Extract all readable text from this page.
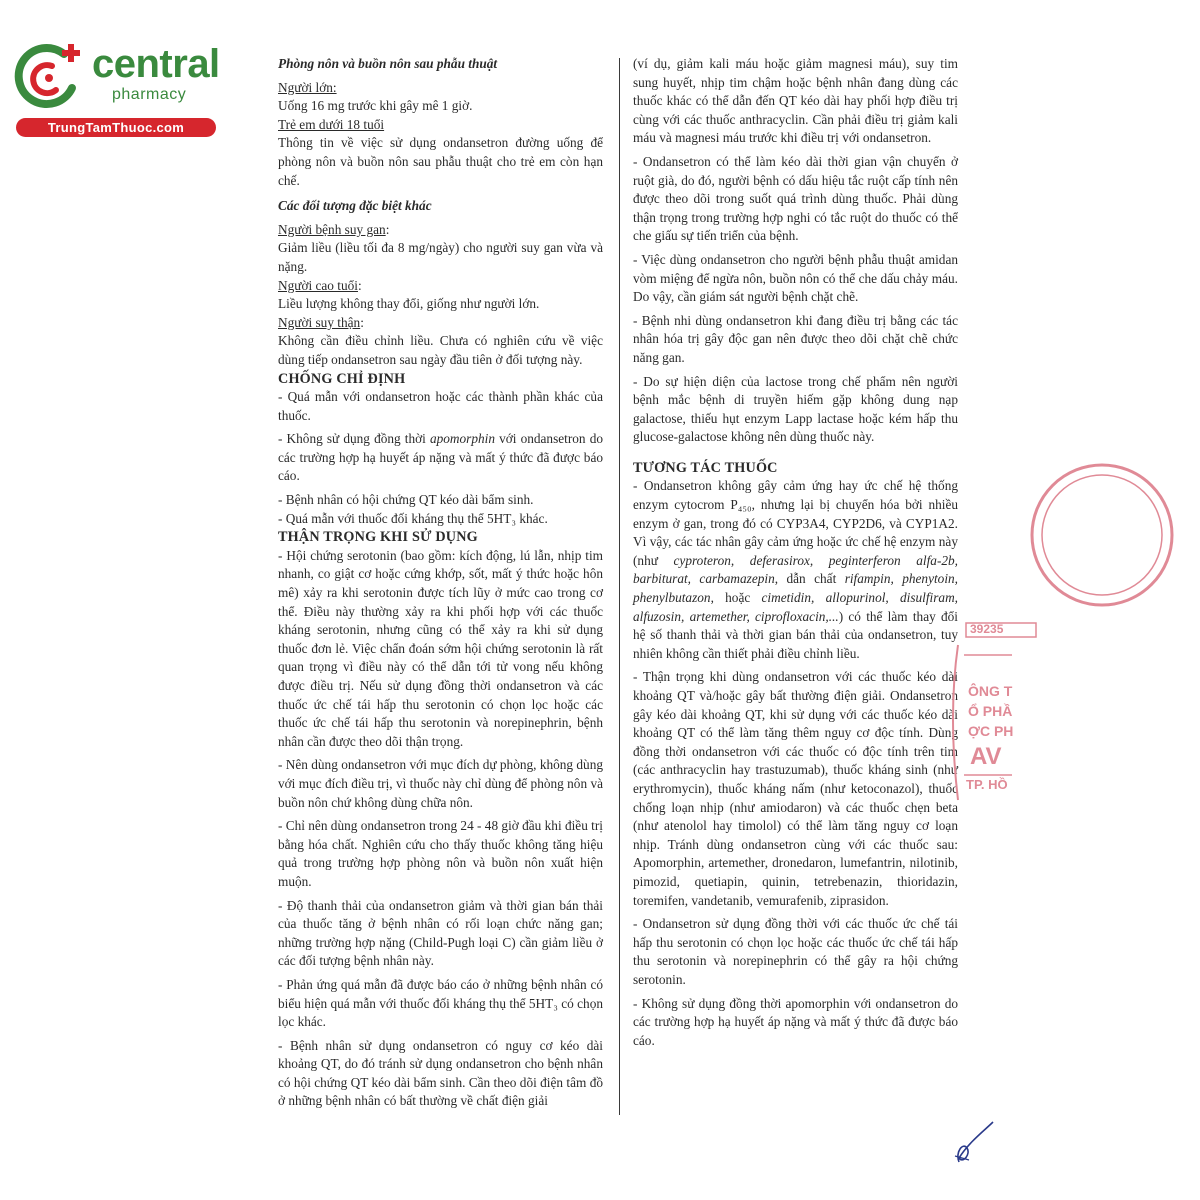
central
pharmacy
TrungTamThuoc.com

Phòng nôn và buồn nôn sau phẫu thuật

Người lớn:

Uống 16 mg trước khi gây mê 1 giờ.

Trẻ em dưới 18 tuổi

Thông tin về việc sử dụng ondansetron đường uống để phòng nôn và buồn nôn sau phẫu thuật cho trẻ em còn hạn chế.

Các đối tượng đặc biệt khác

Người bệnh suy gan:

Giảm liều (liều tối đa 8 mg/ngày) cho người suy gan vừa và nặng.

Người cao tuổi:

Liều lượng không thay đổi, giống như người lớn.

Người suy thận:

Không cần điều chỉnh liều. Chưa có nghiên cứu về việc dùng tiếp ondansetron sau ngày đầu tiên ở đối tượng này.

CHỐNG CHỈ ĐỊNH

- Quá mẫn với ondansetron hoặc các thành phần khác của thuốc.

- Không sử dụng đồng thời apomorphin với ondansetron do các trường hợp hạ huyết áp nặng và mất ý thức đã được báo cáo.

- Bệnh nhân có hội chứng QT kéo dài bẩm sinh.

- Quá mẫn với thuốc đối kháng thụ thể 5HT₃ khác.

THẬN TRỌNG KHI SỬ DỤNG

- Hội chứng serotonin (bao gồm: kích động, lú lẫn, nhịp tim nhanh, co giật cơ hoặc cứng khớp, sốt, mất ý thức hoặc hôn mê) xảy ra khi serotonin được tích lũy ở mức cao trong cơ thể. Điều này thường xảy ra khi phối hợp với các thuốc kháng serotonin, nhưng cũng có thể xảy ra khi sử dụng thuốc đơn lẻ. Việc chẩn đoán sớm hội chứng serotonin là rất quan trọng vì điều này có thể dẫn tới tử vong nếu không được điều trị. Nếu sử dụng đồng thời ondansetron và các thuốc ức chế tái hấp thu serotonin có chọn lọc hoặc các thuốc ức chế tái hấp thu serotonin và norepinephrin, bệnh nhân cần được theo dõi thận trọng.

- Nên dùng ondansetron với mục đích dự phòng, không dùng với mục đích điều trị, vì thuốc này chỉ dùng để phòng nôn và buồn nôn chứ không dùng chữa nôn.

- Chỉ nên dùng ondansetron trong 24 - 48 giờ đầu khi điều trị bằng hóa chất. Nghiên cứu cho thấy thuốc không tăng hiệu quả trong trường hợp phòng nôn và buồn nôn xuất hiện muộn.

- Độ thanh thải của ondansetron giảm và thời gian bán thải của thuốc tăng ở bệnh nhân có rối loạn chức năng gan; những trường hợp nặng (Child-Pugh loại C) cần giảm liều ở các đối tượng bệnh nhân này.

- Phản ứng quá mẫn đã được báo cáo ở những bệnh nhân có biểu hiện quá mẫn với thuốc đối kháng thụ thể 5HT₃ có chọn lọc khác.

- Bệnh nhân sử dụng ondansetron có nguy cơ kéo dài khoảng QT, do đó tránh sử dụng ondansetron cho bệnh nhân có hội chứng QT kéo dài bẩm sinh. Cần theo dõi điện tâm đồ ở những bệnh nhân có bất thường về chất điện giải

(ví dụ, giảm kali máu hoặc giảm magnesi máu), suy tim sung huyết, nhịp tim chậm hoặc bệnh nhân đang dùng các thuốc khác có thể dẫn đến QT kéo dài hay phối hợp điều trị cùng với các thuốc anthracyclin. Cần phải điều trị giảm kali máu và magnesi máu trước khi điều trị với ondansetron.

- Ondansetron có thể làm kéo dài thời gian vận chuyển ở ruột già, do đó, người bệnh có dấu hiệu tắc ruột cấp tính nên được theo dõi trong suốt quá trình dùng thuốc. Phải dùng thận trọng trong trường hợp nghi có tắc ruột do thuốc có thể che giấu sự tiến triển của bệnh.

- Việc dùng ondansetron cho người bệnh phẫu thuật amidan vòm miệng để ngừa nôn, buồn nôn có thể che dấu chảy máu. Do vậy, cần giám sát người bệnh chặt chẽ.

- Bệnh nhi dùng ondansetron khi đang điều trị bằng các tác nhân hóa trị gây độc gan nên được theo dõi chặt chẽ chức năng gan.

- Do sự hiện diện của lactose trong chế phẩm nên người bệnh mắc bệnh di truyền hiếm gặp không dung nạp galactose, thiếu hụt enzym Lapp lactase hoặc kém hấp thu glucose-galactose không nên dùng thuốc này.

TƯƠNG TÁC THUỐC

- Ondansetron không gây cảm ứng hay ức chế hệ thống enzym cytocrom P₄₅₀, nhưng lại bị chuyển hóa bởi nhiều enzym ở gan, trong đó có CYP3A4, CYP2D6, và CYP1A2. Vì vậy, các tác nhân gây cảm ứng hoặc ức chế hệ enzym này (như cyproteron, deferasirox, peginterferon alfa-2b, barbiturat, carbamazepin, dẫn chất rifampin, phenytoin, phenylbutazon, hoặc cimetidin, allopurinol, disulfiram, alfuzosin, artemether, ciprofloxacin,...) có thể làm thay đổi hệ số thanh thải và thời gian bán thải của ondansetron, tuy nhiên không cần thiết phải điều chỉnh liều.

- Thận trọng khi dùng ondansetron với các thuốc kéo dài khoảng QT và/hoặc gây bất thường điện giải. Ondansetron gây kéo dài khoảng QT, khi sử dụng với các thuốc kéo dài khoảng QT có thể làm tăng thêm nguy cơ độc tính. Dùng đồng thời ondansetron với các thuốc có độc tính trên tim (các anthracyclin hay trastuzumab), thuốc kháng sinh (như erythromycin), thuốc kháng nấm (như ketoconazol), thuốc chống loạn nhịp (như amiodaron) và các thuốc chẹn beta (như atenolol hay timolol) có thể làm tăng nguy cơ loạn nhịp. Tránh dùng ondansetron cùng với các thuốc sau: Apomorphin, artemether, dronedaron, lumefantrin, nilotinib, pimozid, quetiapin, quinin, tetrebenazin, thioridazin, toremifen, vandetanib, vemurafenib, ziprasidon.

- Ondansetron sử dụng đồng thời với các thuốc ức chế tái hấp thu serotonin có chọn lọc hoặc các thuốc ức chế tái hấp thu serotonin và norepinephrin có thể gây ra hội chứng serotonin.

- Không sử dụng đồng thời apomorphin với ondansetron do các trường hợp hạ huyết áp nặng và mất ý thức đã được báo cáo.

39235
ÔNG T
Ổ PHẦ
ỢC PH
AV
TP. HỒ
